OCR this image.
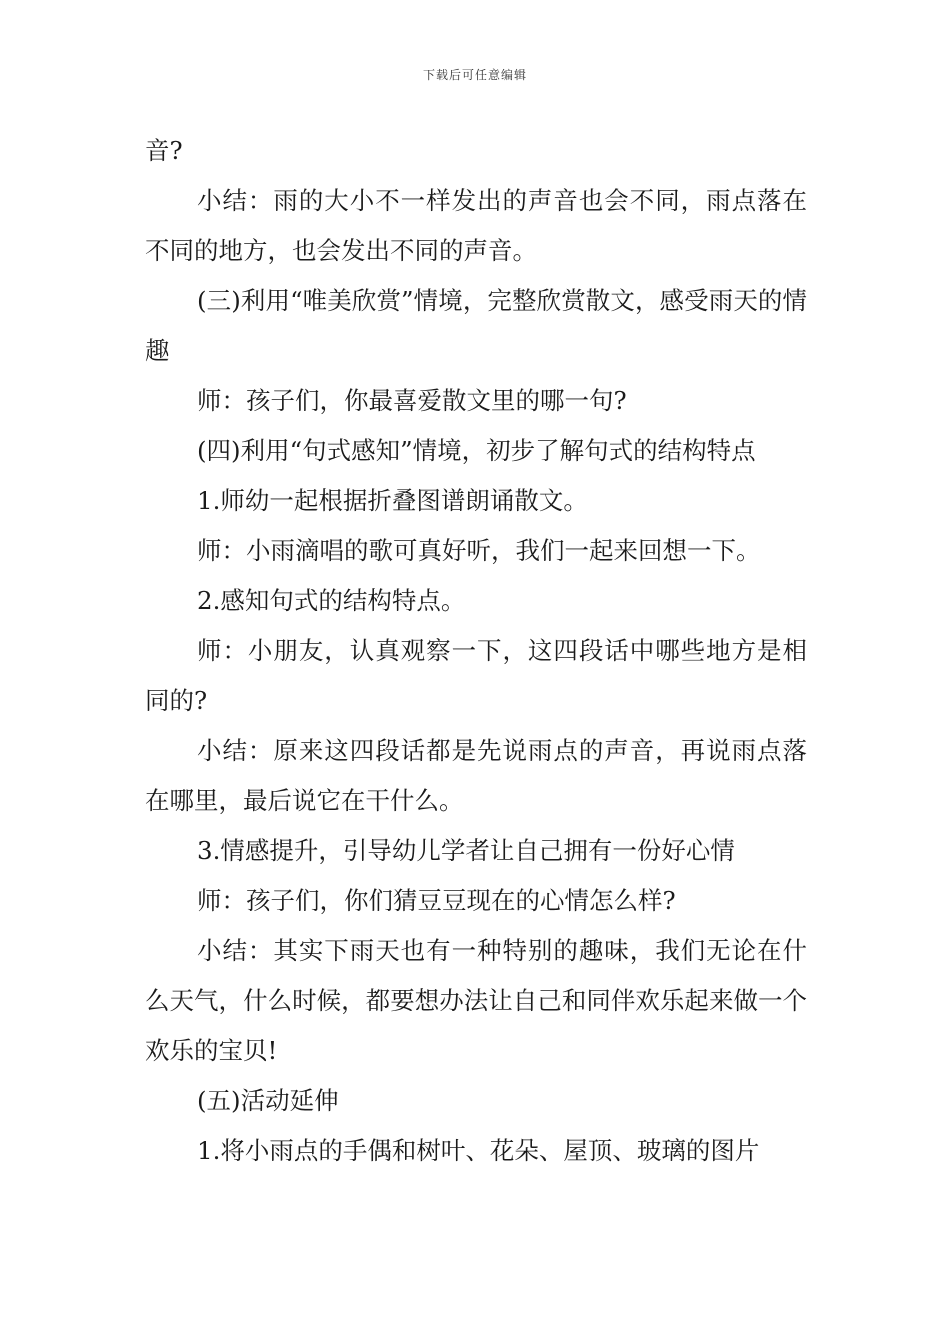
下载后可任意编辑

音?

小结：雨的大小不一样发出的声音也会不同，雨点落在不同的地方，也会发出不同的声音。

(三)利用“唯美欣赏”情境，完整欣赏散文，感受雨天的情趣

师：孩子们，你最喜爱散文里的哪一句?

(四)利用“句式感知”情境，初步了解句式的结构特点

1.师幼一起根据折叠图谱朗诵散文。

师：小雨滴唱的歌可真好听，我们一起来回想一下。

2.感知句式的结构特点。

师：小朋友，认真观察一下，这四段话中哪些地方是相同的?

小结：原来这四段话都是先说雨点的声音，再说雨点落在哪里，最后说它在干什么。

3.情感提升，引导幼儿学者让自己拥有一份好心情

师：孩子们，你们猜豆豆现在的心情怎么样?

小结：其实下雨天也有一种特别的趣味，我们无论在什么天气，什么时候，都要想办法让自己和同伴欢乐起来做一个欢乐的宝贝!

(五)活动延伸

1.将小雨点的手偶和树叶、花朵、屋顶、玻璃的图片
